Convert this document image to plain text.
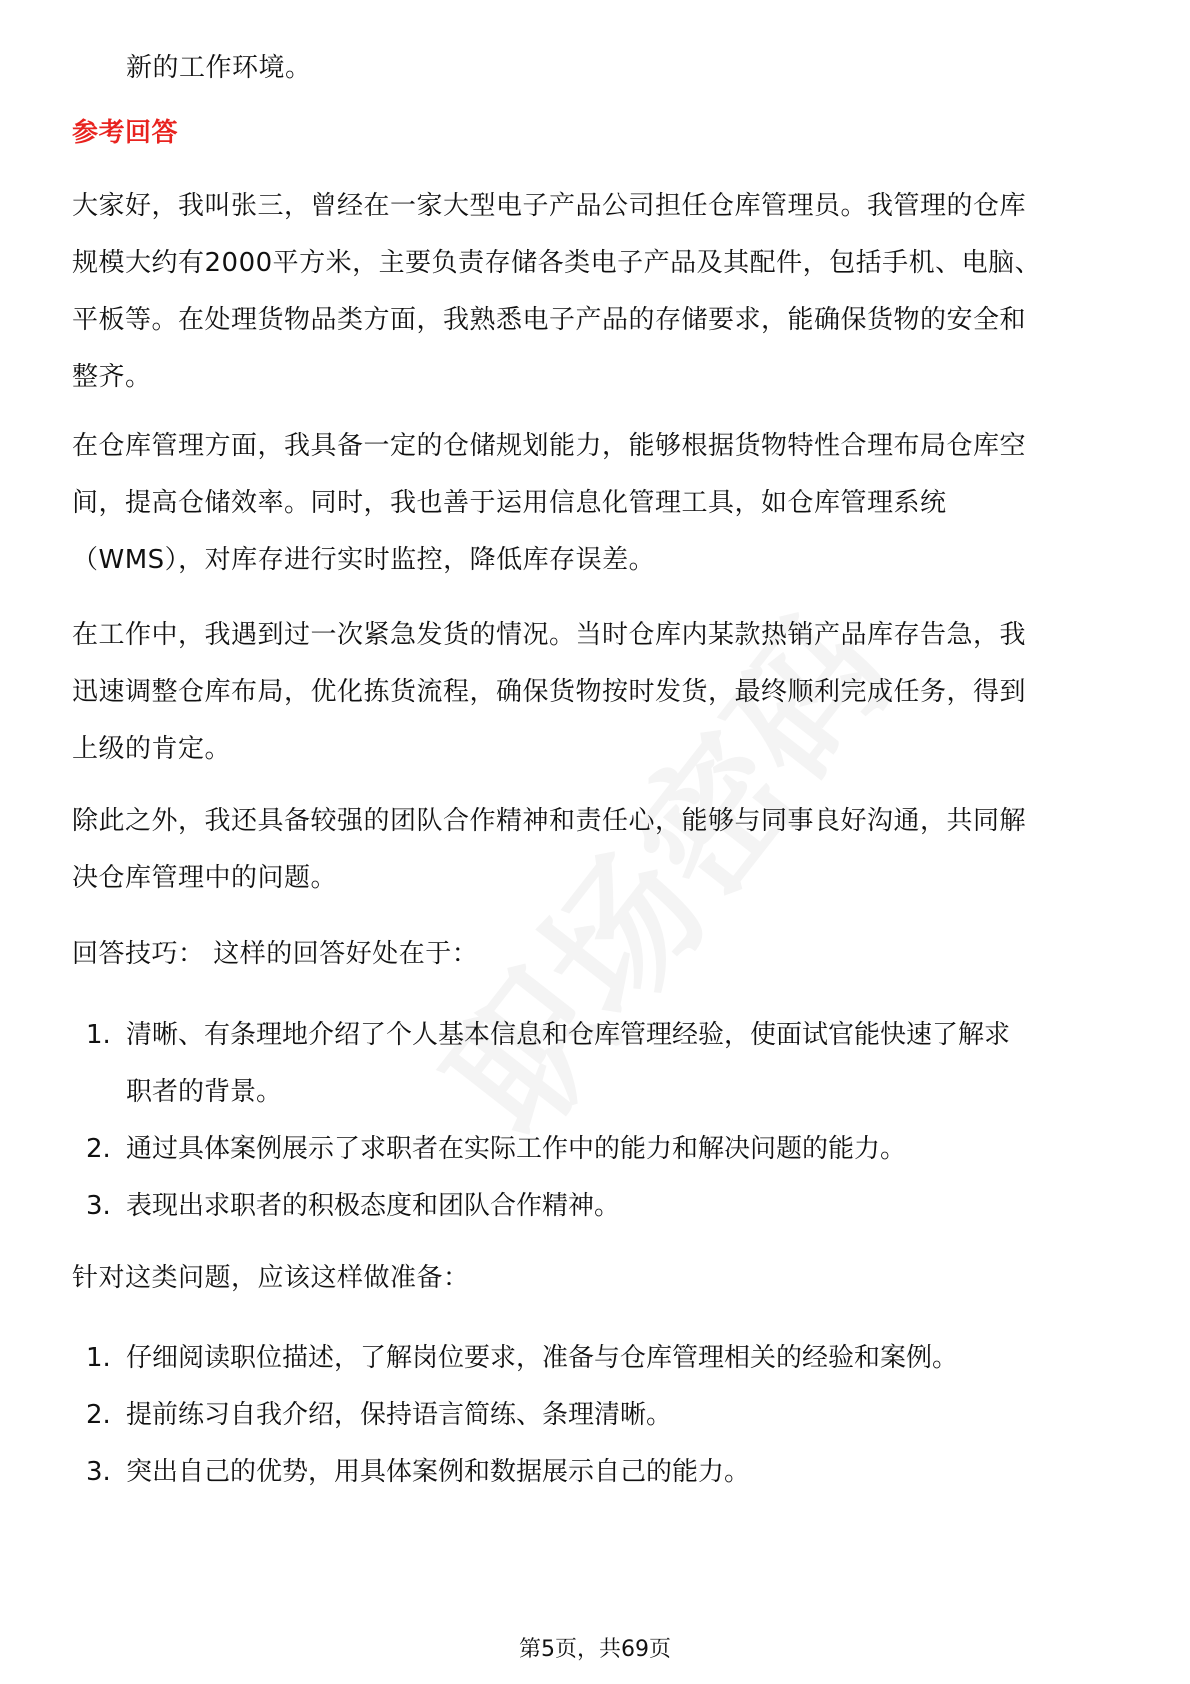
新的工作环境。
参考回答
大家好，我叫张三，曾经在一家大型电子产品公司担任仓库管理员。我管理的仓库
规模大约有2000平方米，主要负责存储各类电子产品及其配件，包括手机、电脑、
平板等。在处理货物品类方面，我熟悉电子产品的存储要求，能确保货物的安全和
整齐。
在仓库管理方面，我具备一定的仓储规划能力，能够根据货物特性合理布局仓库空
间，提高仓储效率。同时，我也善于运用信息化管理工具，如仓库管理系统
（WMS），对库存进行实时监控，降低库存误差。
在工作中，我遇到过一次紧急发货的情况。当时仓库内某款热销产品库存告急，我
迅速调整仓库布局，优化拣货流程，确保货物按时发货，最终顺利完成任务，得到
上级的肯定。
除此之外，我还具备较强的团队合作精神和责任心，能够与同事良好沟通，共同解
决仓库管理中的问题。
回答技巧： 这样的回答好处在于：
1. 清晰、有条理地介绍了个人基本信息和仓库管理经验，使面试官能快速了解求
职者的背景。
2. 通过具体案例展示了求职者在实际工作中的能力和解决问题的能力。
3. 表现出求职者的积极态度和团队合作精神。
针对这类问题，应该这样做准备：
1. 仔细阅读职位描述，了解岗位要求，准备与仓库管理相关的经验和案例。
2. 提前练习自我介绍，保持语言简练、条理清晰。
3. 突出自己的优势，用具体案例和数据展示自己的能力。
第5页，共69页
